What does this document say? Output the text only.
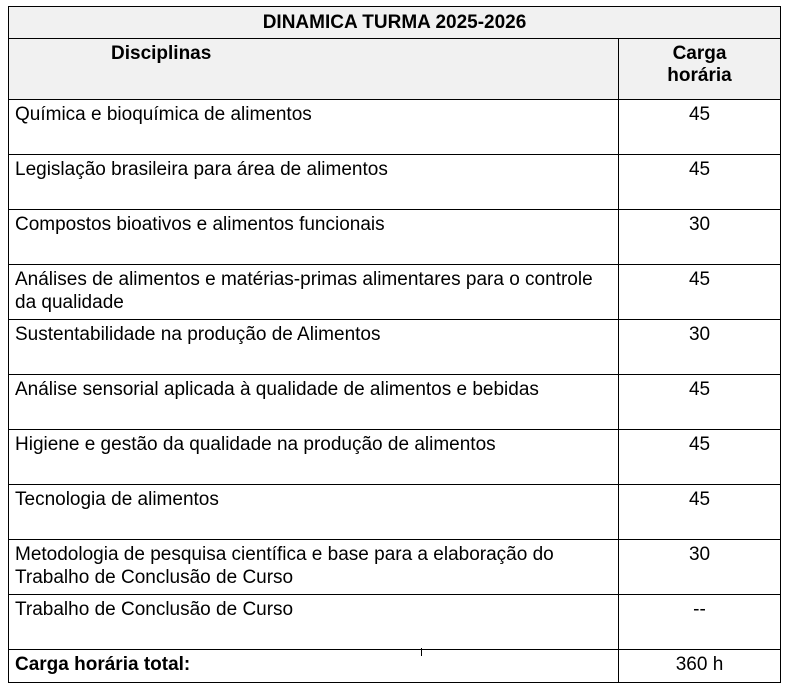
DINAMICA TURMA 2025-2026	
Disciplinas	Carga
horária

Química e bioquímica de alimentos	45
Legislação brasileira para área de alimentos	45
Compostos bioativos e alimentos funcionais	30
Análises de alimentos e matérias-primas alimentares para o controle da qualidade	45
Sustentabilidade na produção de Alimentos	30
Análise sensorial aplicada à qualidade de alimentos e bebidas	45
Higiene e gestão da qualidade na produção de alimentos	45
Tecnologia de alimentos	45
Metodologia de pesquisa científica e base para a elaboração do Trabalho de Conclusão de Curso	30
Trabalho de Conclusão de Curso	--
Carga horária total:	360 h
